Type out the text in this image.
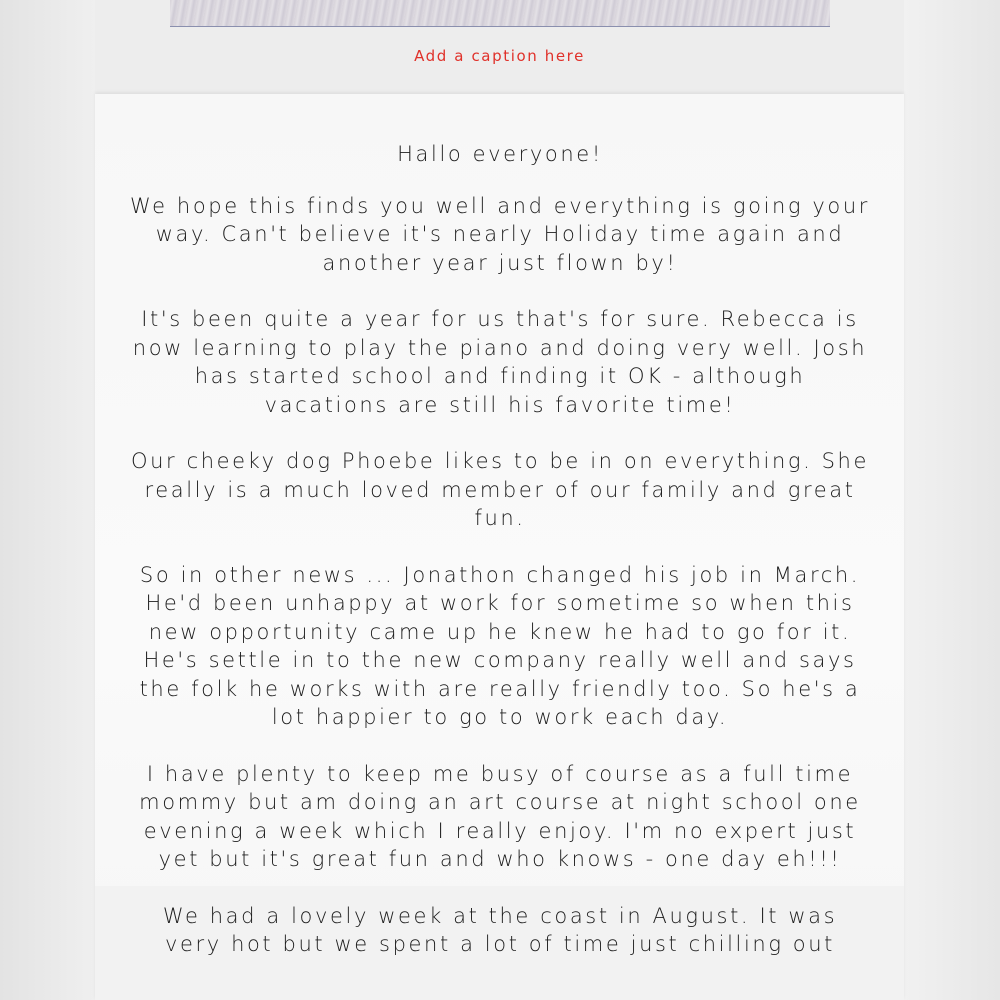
Add a caption here

Hallo everyone!

We hope this finds you well and everything is going your way. Can't believe it's nearly Holiday time again and another year just flown by!

It's been quite a year for us that's for sure. Rebecca is now learning to play the piano and doing very well. Josh has started school and finding it OK - although vacations are still his favorite time!

Our cheeky dog Phoebe likes to be in on everything. She really is a much loved member of our family and great fun.

So in other news ... Jonathon changed his job in March. He'd been unhappy at work for sometime so when this new opportunity came up he knew he had to go for it. He's settle in to the new company really well and says the folk he works with are really friendly too. So he's a lot happier to go to work each day.

I have plenty to keep me busy of course as a full time mommy but am doing an art course at night school one evening a week which I really enjoy. I'm no expert just yet but it's great fun and who knows - one day eh!!!

We had a lovely week at the coast in August. It was very hot but we spent a lot of time just chilling out
